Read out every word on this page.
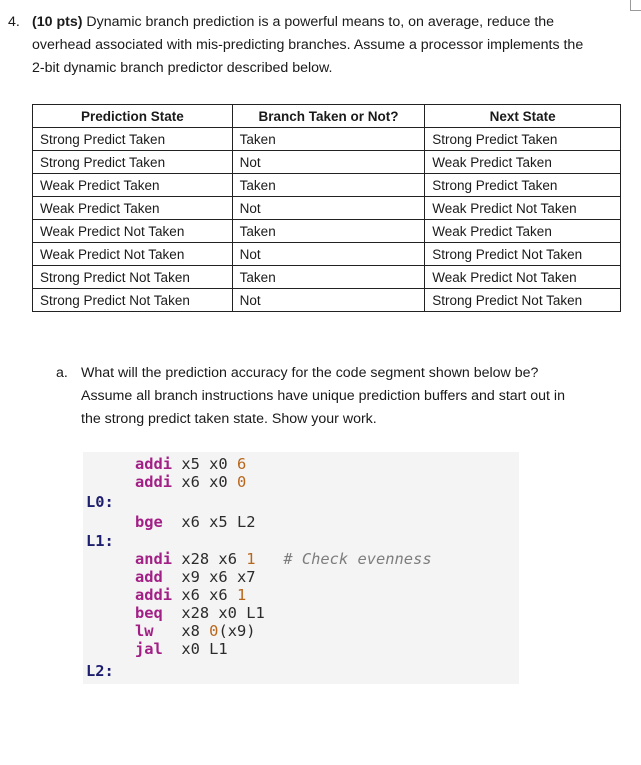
4. (10 pts) Dynamic branch prediction is a powerful means to, on average, reduce the
overhead associated with mis-predicting branches. Assume a processor implements the
2-bit dynamic branch predictor described below.
Prediction State	Branch Taken or Not?	Next State
Strong Predict Taken	Taken	Strong Predict Taken
Strong Predict Taken	Not	Weak Predict Taken
Weak Predict Taken	Taken	Strong Predict Taken
Weak Predict Taken	Not	Weak Predict Not Taken
Weak Predict Not Taken	Taken	Weak Predict Taken
Weak Predict Not Taken	Not	Strong Predict Not Taken
Strong Predict Not Taken	Taken	Weak Predict Not Taken
Strong Predict Not Taken	Not	Strong Predict Not Taken
a. What will the prediction accuracy for the code segment shown below be?
Assume all branch instructions have unique prediction buffers and start out in
the strong predict taken state. Show your work.
addi x5 x0 6
addi x6 x0 0
L0:
bge  x6 x5 L2
L1:
andi x28 x6 1 # Check evenness
add  x9 x6 x7
addi x6 x6 1
beq  x28 x0 L1
lw   x8 0(x9)
jal  x0 L1
L2:
